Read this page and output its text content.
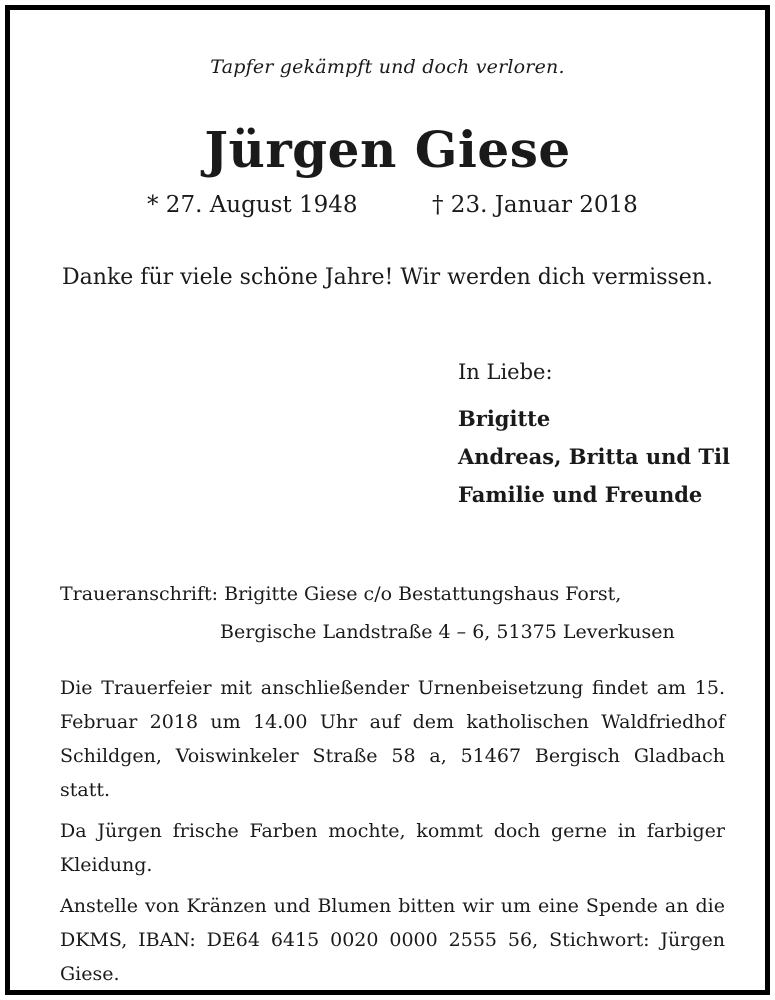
Tapfer gekämpft und doch verloren.
Jürgen Giese
* 27. August 1948	† 23. Januar 2018
Danke für viele schöne Jahre! Wir werden dich vermissen.
In Liebe:
Brigitte
Andreas, Britta und Til
Familie und Freunde
Traueranschrift: Brigitte Giese c/o Bestattungshaus Forst,
Bergische Landstraße 4 – 6, 51375 Leverkusen

Die Trauerfeier mit anschließender Urnenbeisetzung findet am 15. Februar 2018 um 14.00 Uhr auf dem katholischen Waldfriedhof Schildgen, Voiswinkeler Straße 58 a, 51467 Bergisch Gladbach statt.

Da Jürgen frische Farben mochte, kommt doch gerne in farbiger Kleidung.

Anstelle von Kränzen und Blumen bitten wir um eine Spende an die DKMS, IBAN: DE64 6415 0020 0000 2555 56, Stichwort: Jürgen Giese.
